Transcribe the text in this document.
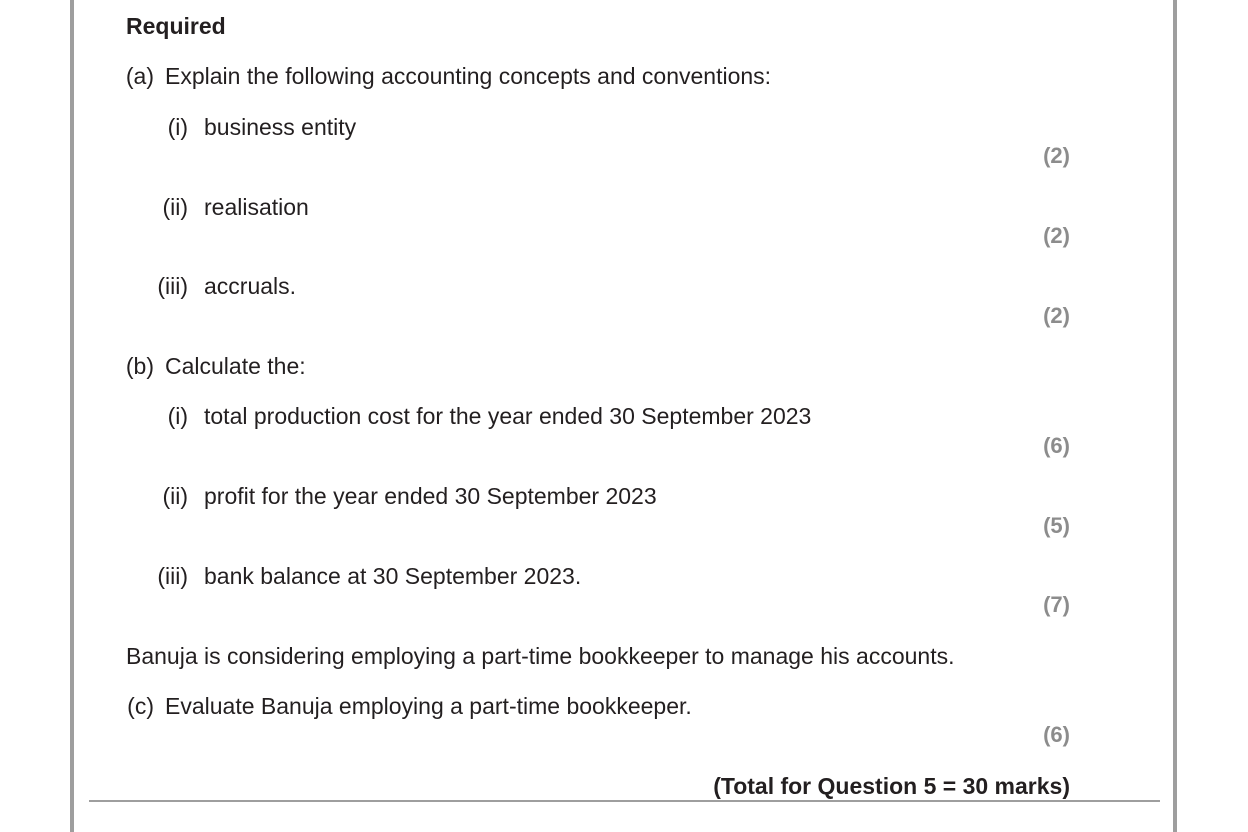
Required
(a) Explain the following accounting concepts and conventions:
(i) business entity
(2)
(ii) realisation
(2)
(iii) accruals.
(2)
(b) Calculate the:
(i) total production cost for the year ended 30 September 2023
(6)
(ii) profit for the year ended 30 September 2023
(5)
(iii) bank balance at 30 September 2023.
(7)
Banuja is considering employing a part-time bookkeeper to manage his accounts.
(c) Evaluate Banuja employing a part-time bookkeeper.
(6)
(Total for Question 5 = 30 marks)
